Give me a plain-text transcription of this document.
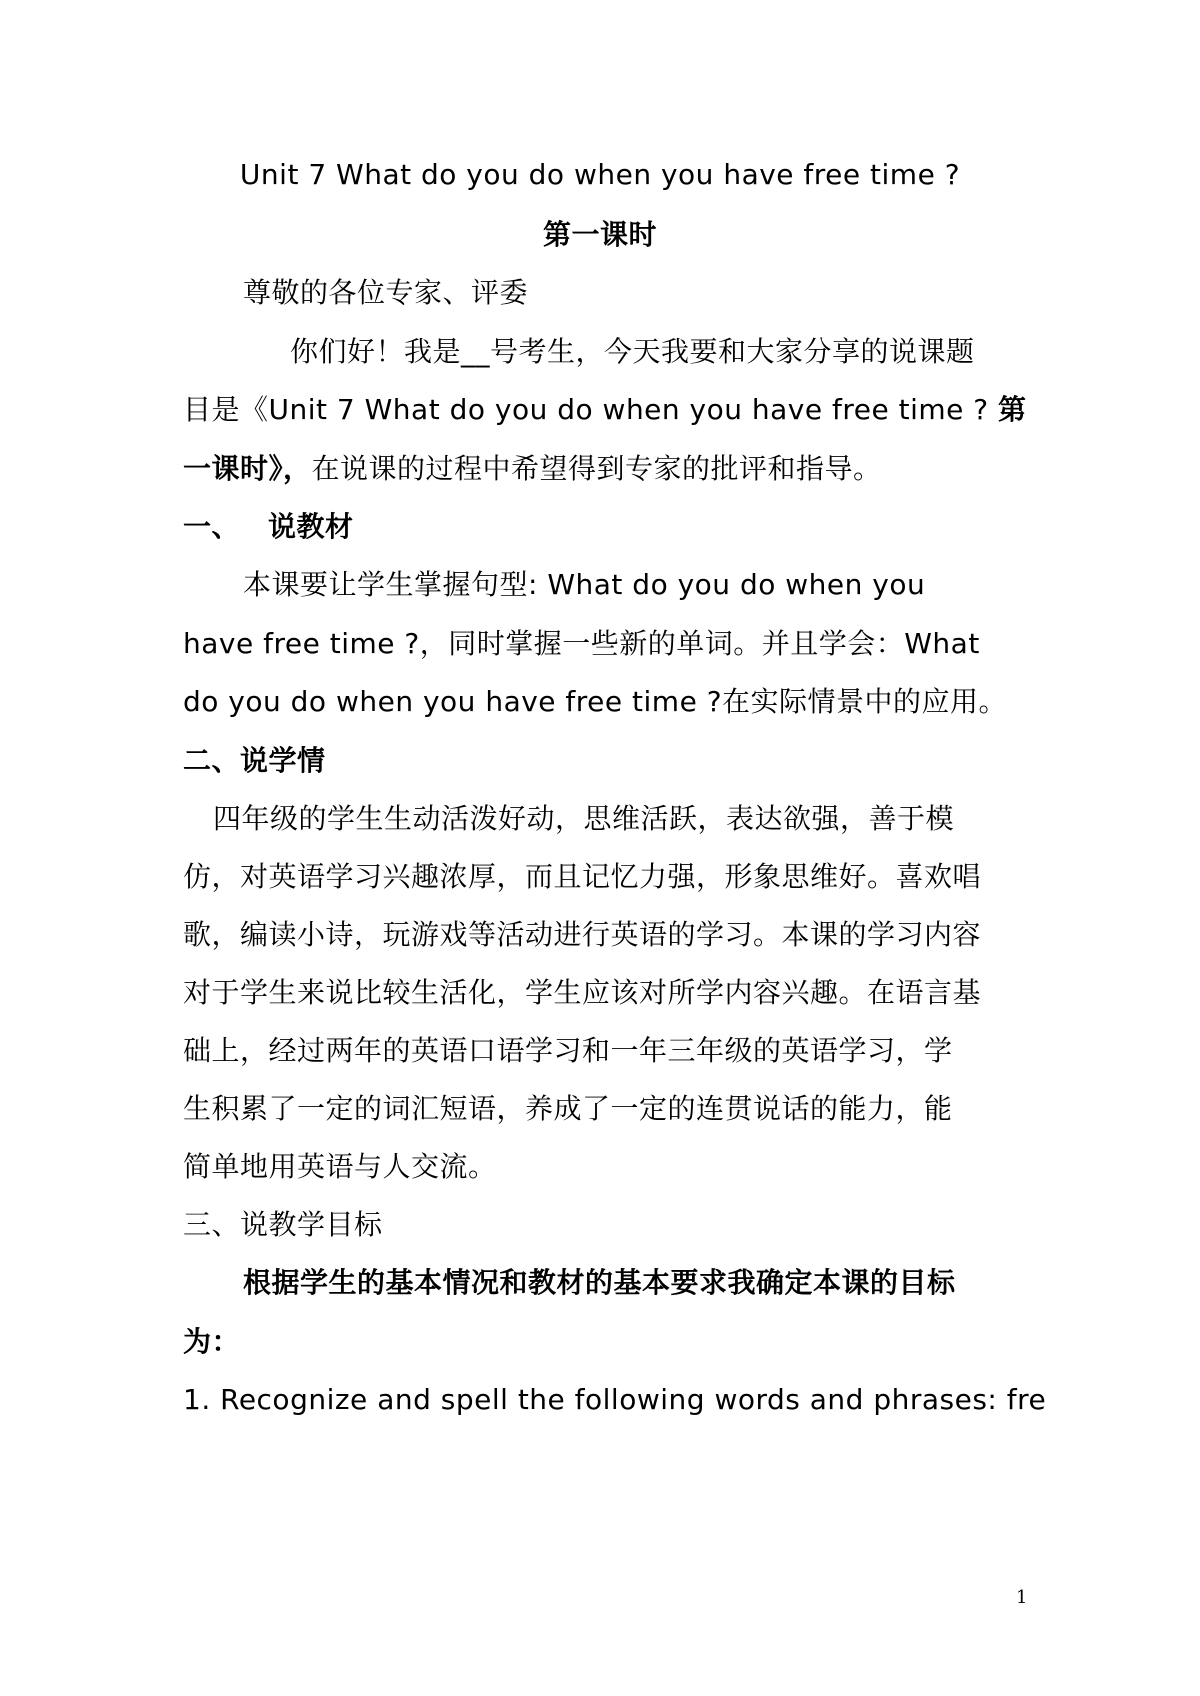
Unit 7 What do you do when you have free time ?
第一课时
尊敬的各位专家、评委
你们好！我是__号考生，今天我要和大家分享的说课题
目是《Unit 7 What do you do when you have free time ? 第
一课时》，在说课的过程中希望得到专家的批评和指导。
一、 说教材
本课要让学生掌握句型: What do you do when you
have free time ?，同时掌握一些新的单词。并且学会：What
do you do when you have free time ?在实际情景中的应用。
二、说学情
四年级的学生生动活泼好动，思维活跃，表达欲强，善于模
仿，对英语学习兴趣浓厚，而且记忆力强，形象思维好。喜欢唱
歌，编读小诗，玩游戏等活动进行英语的学习。本课的学习内容
对于学生来说比较生活化，学生应该对所学内容兴趣。在语言基
础上，经过两年的英语口语学习和一年三年级的英语学习，学
生积累了一定的词汇短语，养成了一定的连贯说话的能力，能
简单地用英语与人交流。
三、说教学目标
根据学生的基本情况和教材的基本要求我确定本课的目标
为：
1. Recognize and spell the following words and phrases: fre
1
